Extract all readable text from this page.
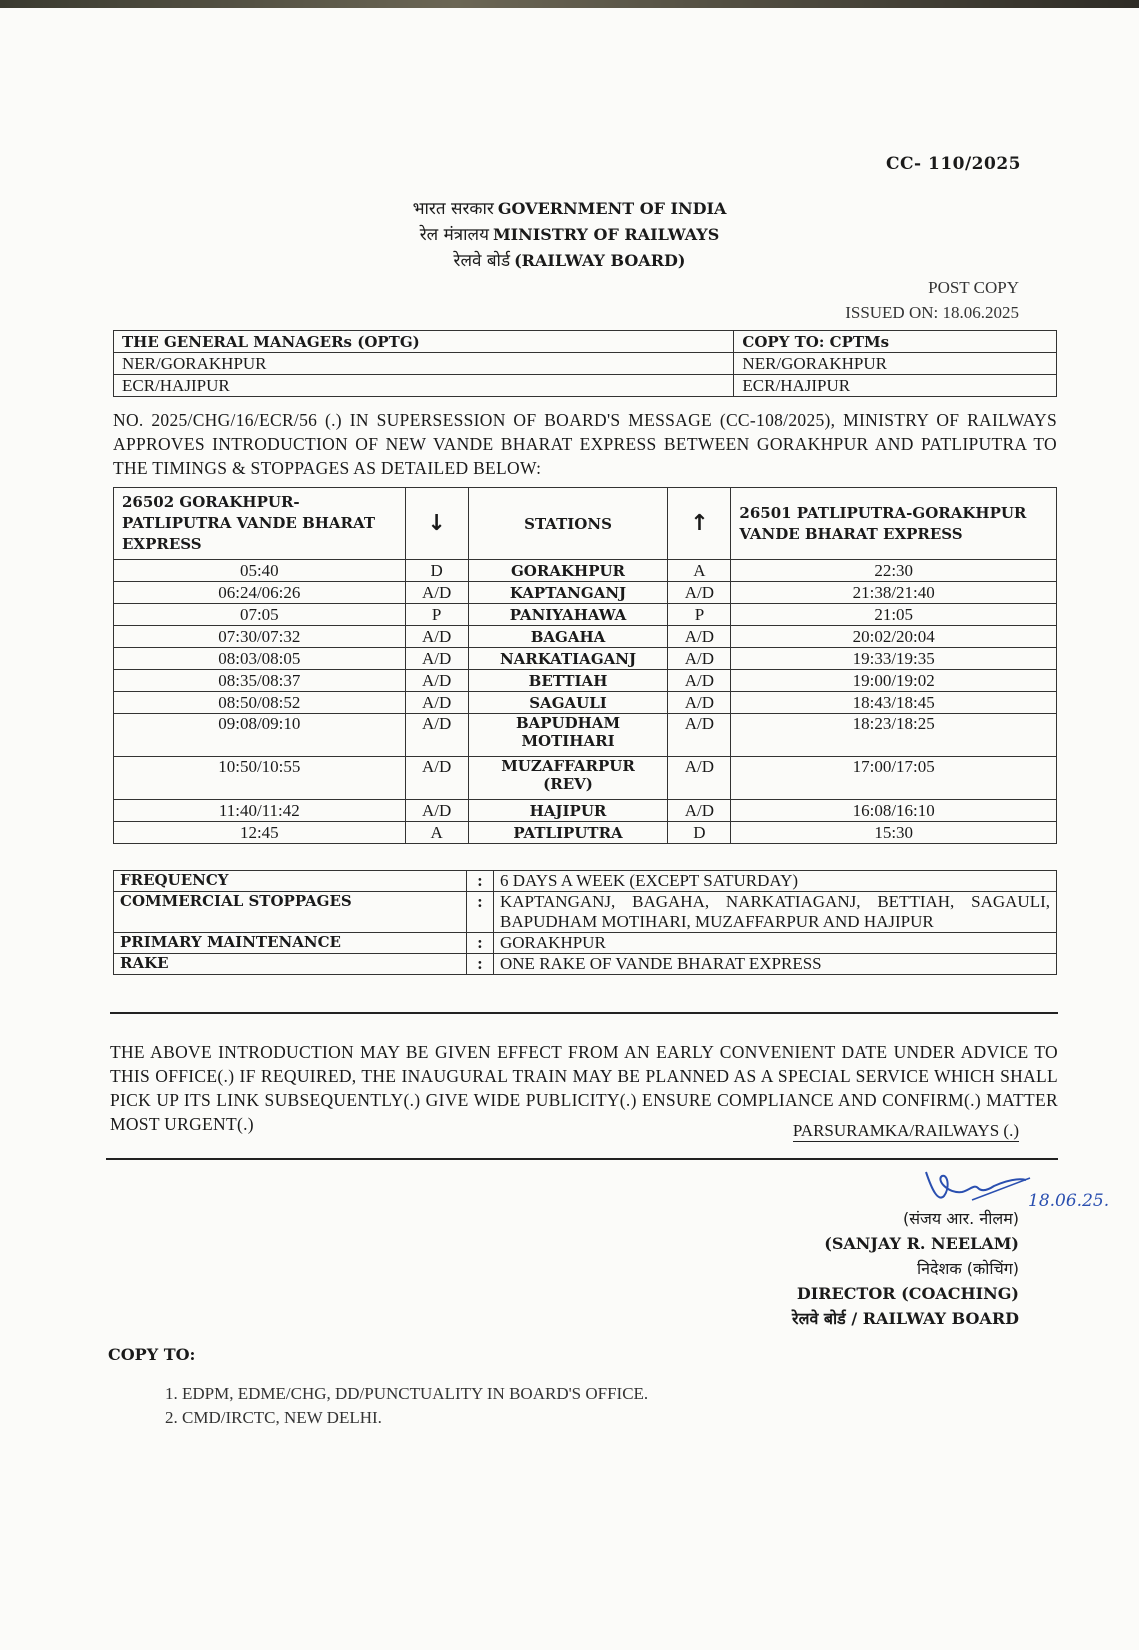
CC- 110/2025
भारत सरकार GOVERNMENT OF INDIA
रेल मंत्रालय MINISTRY OF RAILWAYS
रेलवे बोर्ड (RAILWAY BOARD)
POST COPY
ISSUED ON: 18.06.2025
THE GENERAL MANAGERs (OPTG)	COPY TO: CPTMs
NER/GORAKHPUR	NER/GORAKHPUR
ECR/HAJIPUR	ECR/HAJIPUR
NO. 2025/CHG/16/ECR/56 (.) IN SUPERSESSION OF BOARD'S MESSAGE (CC-108/2025), MINISTRY OF RAILWAYS APPROVES INTRODUCTION OF NEW VANDE BHARAT EXPRESS BETWEEN GORAKHPUR AND PATLIPUTRA TO THE TIMINGS & STOPPAGES AS DETAILED BELOW:
26502 GORAKHPUR-PATLIPUTRA VANDE BHARAT EXPRESS	↓	STATIONS	↑	26501 PATLIPUTRA-GORAKHPUR VANDE BHARAT EXPRESS
05:40	D	GORAKHPUR	A	22:30
06:24/06:26	A/D	KAPTANGANJ	A/D	21:38/21:40
07:05	P	PANIYAHAWA	P	21:05
07:30/07:32	A/D	BAGAHA	A/D	20:02/20:04
08:03/08:05	A/D	NARKATIAGANJ	A/D	19:33/19:35
08:35/08:37	A/D	BETTIAH	A/D	19:00/19:02
08:50/08:52	A/D	SAGAULI	A/D	18:43/18:45
09:08/09:10	A/D	BAPUDHAM MOTIHARI	A/D	18:23/18:25
10:50/10:55	A/D	MUZAFFARPUR (REV)	A/D	17:00/17:05
11:40/11:42	A/D	HAJIPUR	A/D	16:08/16:10
12:45	A	PATLIPUTRA	D	15:30
FREQUENCY	:	6 DAYS A WEEK (EXCEPT SATURDAY)
COMMERCIAL STOPPAGES	:	KAPTANGANJ, BAGAHA, NARKATIAGANJ, BETTIAH, SAGAULI, BAPUDHAM MOTIHARI, MUZAFFARPUR AND HAJIPUR
PRIMARY MAINTENANCE	:	GORAKHPUR
RAKE	:	ONE RAKE OF VANDE BHARAT EXPRESS
THE ABOVE INTRODUCTION MAY BE GIVEN EFFECT FROM AN EARLY CONVENIENT DATE UNDER ADVICE TO THIS OFFICE(.) IF REQUIRED, THE INAUGURAL TRAIN MAY BE PLANNED AS A SPECIAL SERVICE WHICH SHALL PICK UP ITS LINK SUBSEQUENTLY(.) GIVE WIDE PUBLICITY(.) ENSURE COMPLIANCE AND CONFIRM(.) MATTER MOST URGENT(.)	PARSURAMKA/RAILWAYS (.)
18.06.25.
(संजय आर. नीलम)
(SANJAY R. NEELAM)
निदेशक (कोचिंग)
DIRECTOR (COACHING)
रेलवे बोर्ड / RAILWAY BOARD
COPY TO:
1. EDPM, EDME/CHG, DD/PUNCTUALITY IN BOARD'S OFFICE.
2. CMD/IRCTC, NEW DELHI.
